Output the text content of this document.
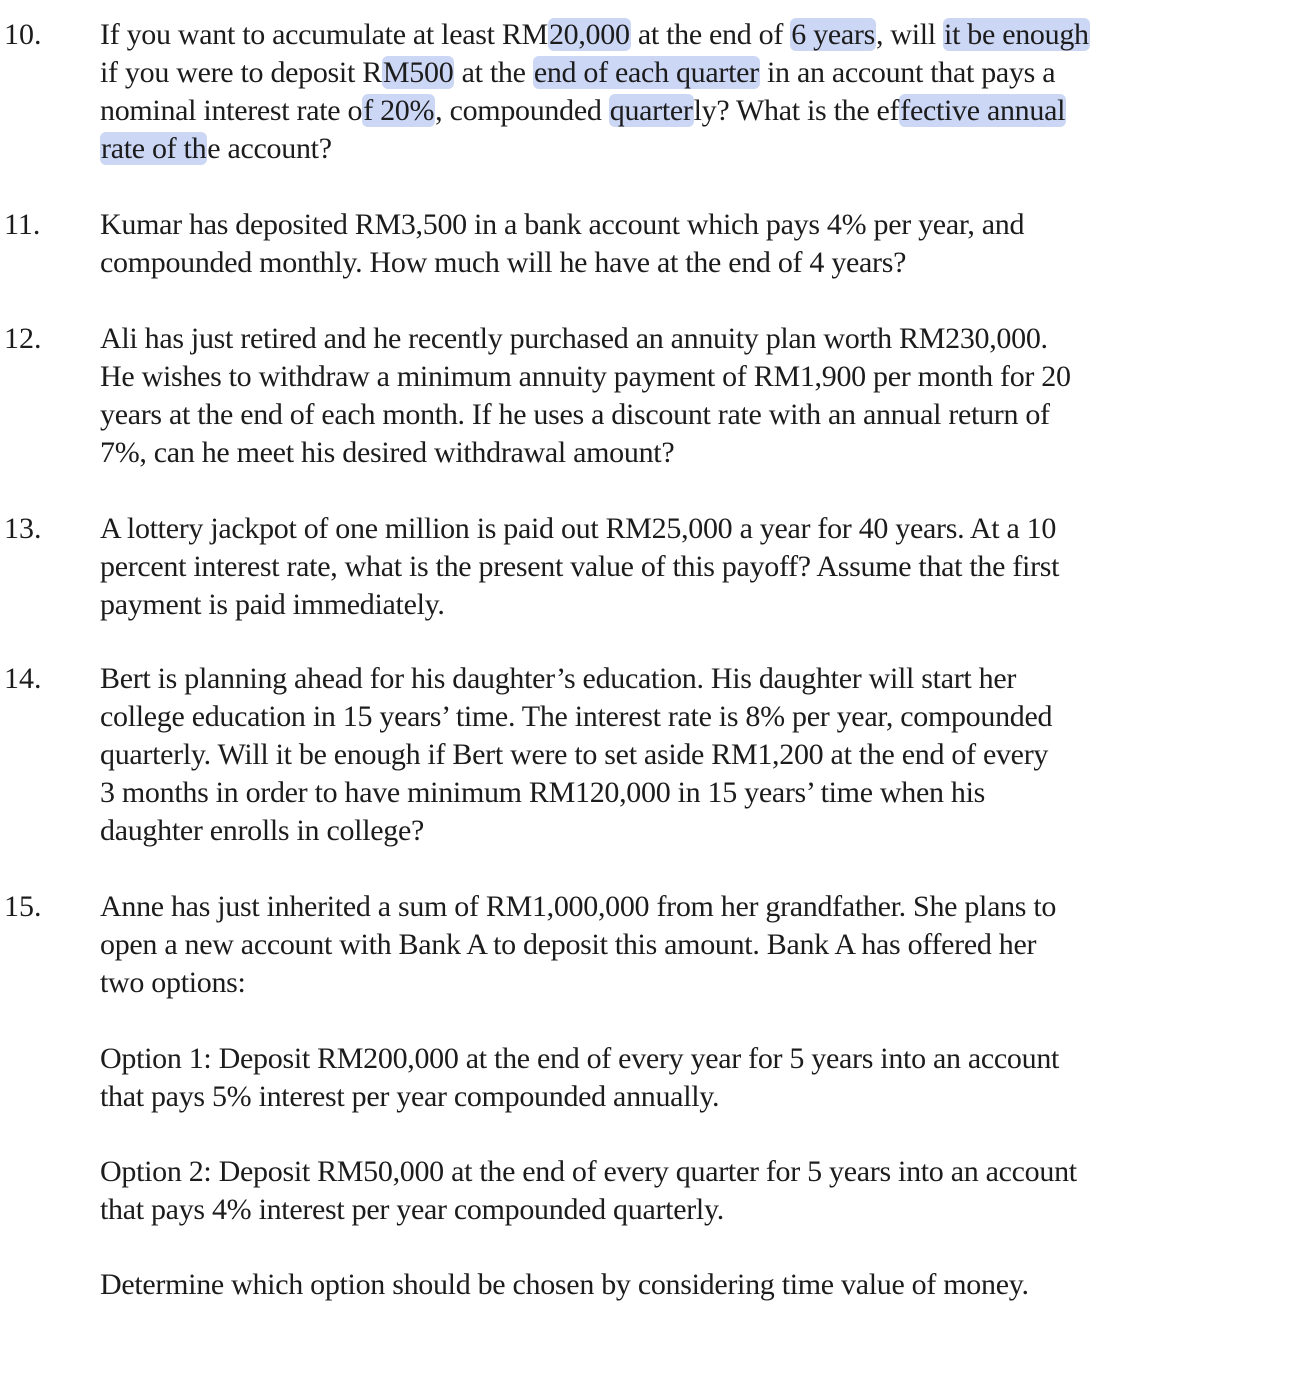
10. If you want to accumulate at least RM20,000 at the end of 6 years, will it be enough
if you were to deposit RM500 at the end of each quarter in an account that pays a
nominal interest rate of 20%, compounded quarterly? What is the effective annual
rate of the account?
11. Kumar has deposited RM3,500 in a bank account which pays 4% per year, and
compounded monthly. How much will he have at the end of 4 years?
12. Ali has just retired and he recently purchased an annuity plan worth RM230,000.
He wishes to withdraw a minimum annuity payment of RM1,900 per month for 20
years at the end of each month. If he uses a discount rate with an annual return of
7%, can he meet his desired withdrawal amount?
13. A lottery jackpot of one million is paid out RM25,000 a year for 40 years. At a 10
percent interest rate, what is the present value of this payoff? Assume that the first
payment is paid immediately.
14. Bert is planning ahead for his daughter’s education. His daughter will start her
college education in 15 years’ time. The interest rate is 8% per year, compounded
quarterly. Will it be enough if Bert were to set aside RM1,200 at the end of every
3 months in order to have minimum RM120,000 in 15 years’ time when his
daughter enrolls in college?
15. Anne has just inherited a sum of RM1,000,000 from her grandfather. She plans to
open a new account with Bank A to deposit this amount. Bank A has offered her
two options:
Option 1: Deposit RM200,000 at the end of every year for 5 years into an account
that pays 5% interest per year compounded annually.
Option 2: Deposit RM50,000 at the end of every quarter for 5 years into an account
that pays 4% interest per year compounded quarterly.
Determine which option should be chosen by considering time value of money.
